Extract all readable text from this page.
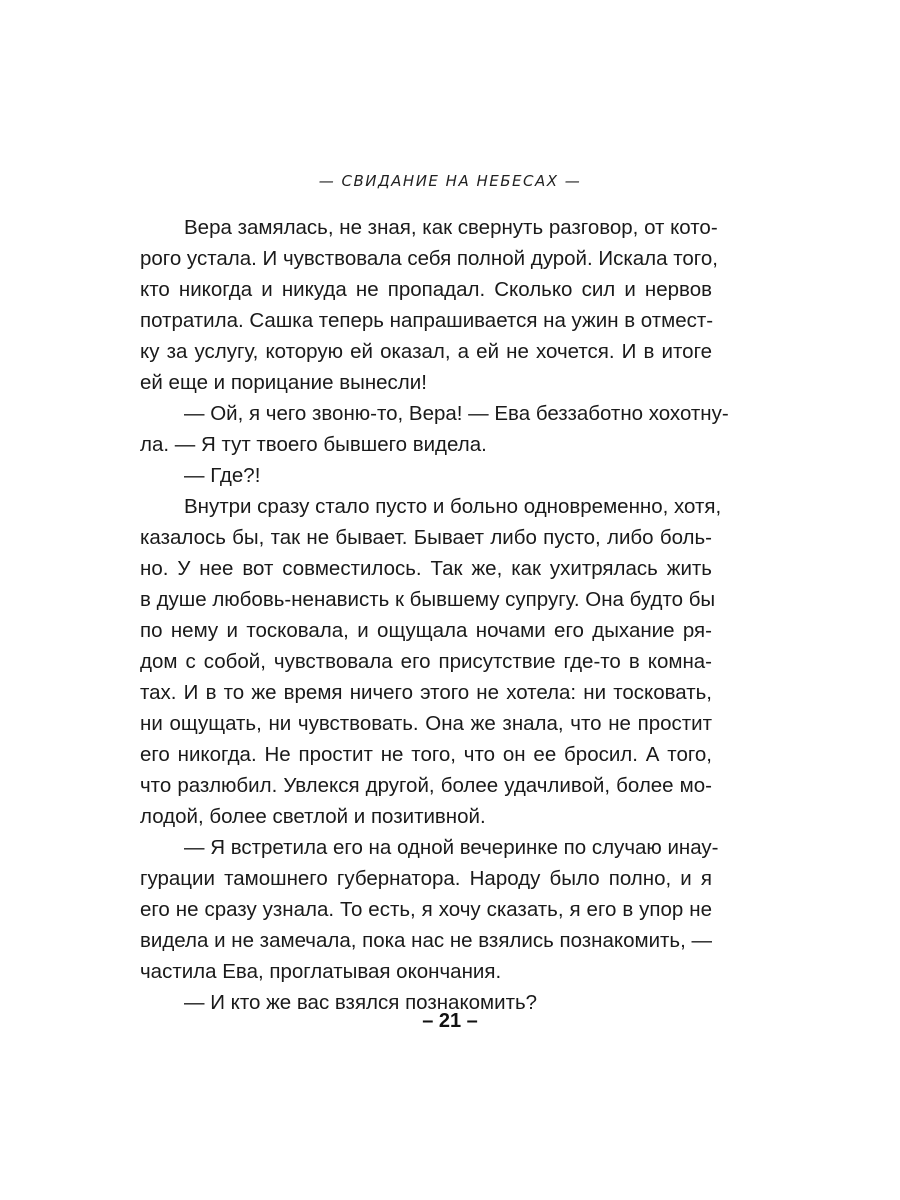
— СВИДАНИЕ НА НЕБЕСАХ —
Вера замялась, не зная, как свернуть разговор, от кото-
рого устала. И чувствовала себя полной дурой. Искала того,
кто никогда и никуда не пропадал. Сколько сил и нервов
потратила. Сашка теперь напрашивается на ужин в отмест-
ку за услугу, которую ей оказал, а ей не хочется. И в итоге
ей еще и порицание вынесли!
— Ой, я чего звоню-то, Вера! — Ева беззаботно хохотну-
ла. — Я тут твоего бывшего видела.
— Где?!
Внутри сразу стало пусто и больно одновременно, хотя,
казалось бы, так не бывает. Бывает либо пусто, либо боль-
но. У нее вот совместилось. Так же, как ухитрялась жить
в душе любовь-ненависть к бывшему супругу. Она будто бы
по нему и тосковала, и ощущала ночами его дыхание ря-
дом с собой, чувствовала его присутствие где-то в комна-
тах. И в то же время ничего этого не хотела: ни тосковать,
ни ощущать, ни чувствовать. Она же знала, что не простит
его никогда. Не простит не того, что он ее бросил. А того,
что разлюбил. Увлекся другой, более удачливой, более мо-
лодой, более светлой и позитивной.
— Я встретила его на одной вечеринке по случаю инау-
гурации тамошнего губернатора. Народу было полно, и я
его не сразу узнала. То есть, я хочу сказать, я его в упор не
видела и не замечала, пока нас не взялись познакомить, —
частила Ева, проглатывая окончания.
— И кто же вас взялся познакомить?
– 21 –
